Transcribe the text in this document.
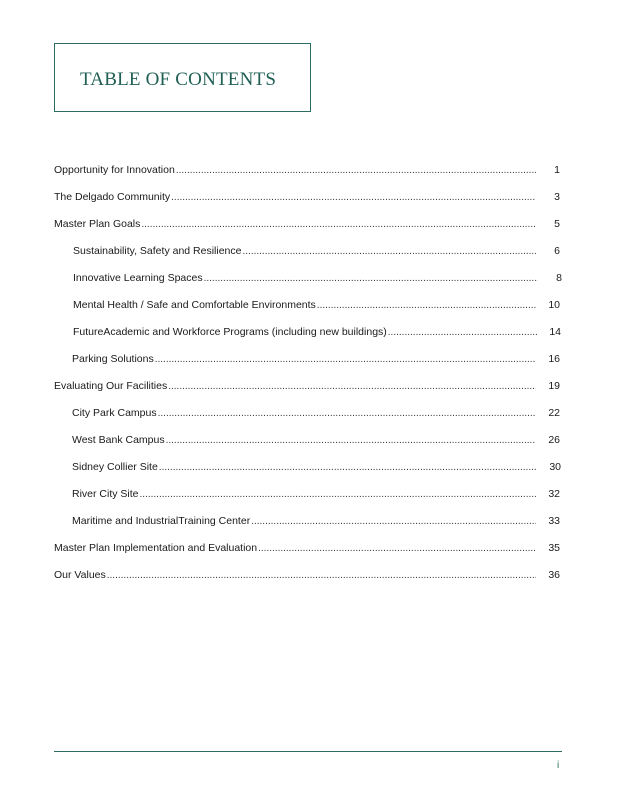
TABLE OF CONTENTS
Opportunity for Innovation .....	1
The Delgado Community .....	3
Master Plan Goals .....	5
Sustainability, Safety and Resilience .....	6
Innovative Learning Spaces .....	8
Mental Health / Safe and Comfortable Environments .....	10
FutureAcademic and Workforce Programs (including new buildings) .....	14
Parking Solutions .....	16
Evaluating Our Facilities .....	19
City Park Campus .....	22
West Bank Campus .....	26
Sidney Collier Site .....	30
River City Site .....	32
Maritime and IndustrialTraining Center .....	33
Master Plan Implementation and Evaluation .....	35
Our Values .....	36
i
